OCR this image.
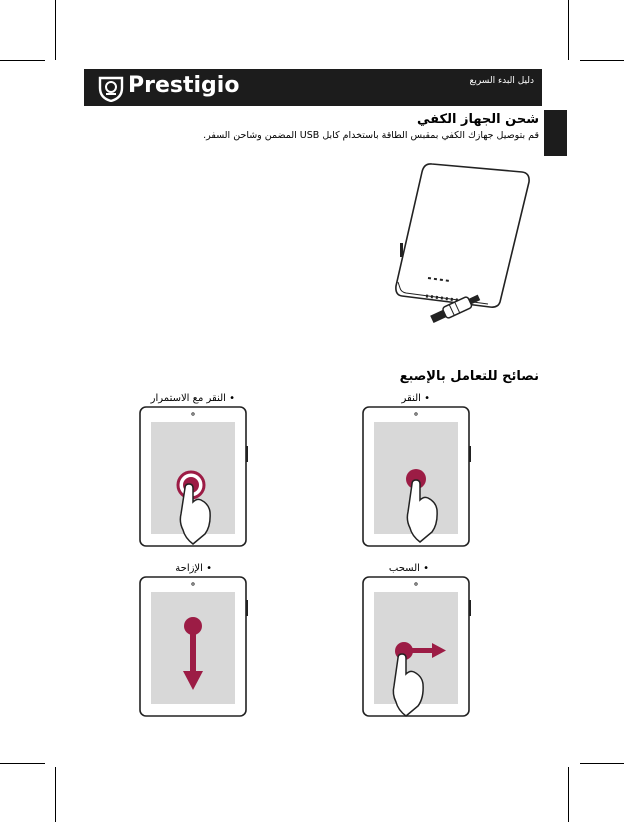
Prestigio	دليل البدء السريع
شحن الجهاز الكفي
قم بتوصيل جهازك الكفي بمقبس الطاقة باستخدام كابل USB المضمن وشاحن السفر.
نصائح للتعامل بالإصبع
• النقر
• النقر مع الاستمرار
• السحب
• الإزاحة
